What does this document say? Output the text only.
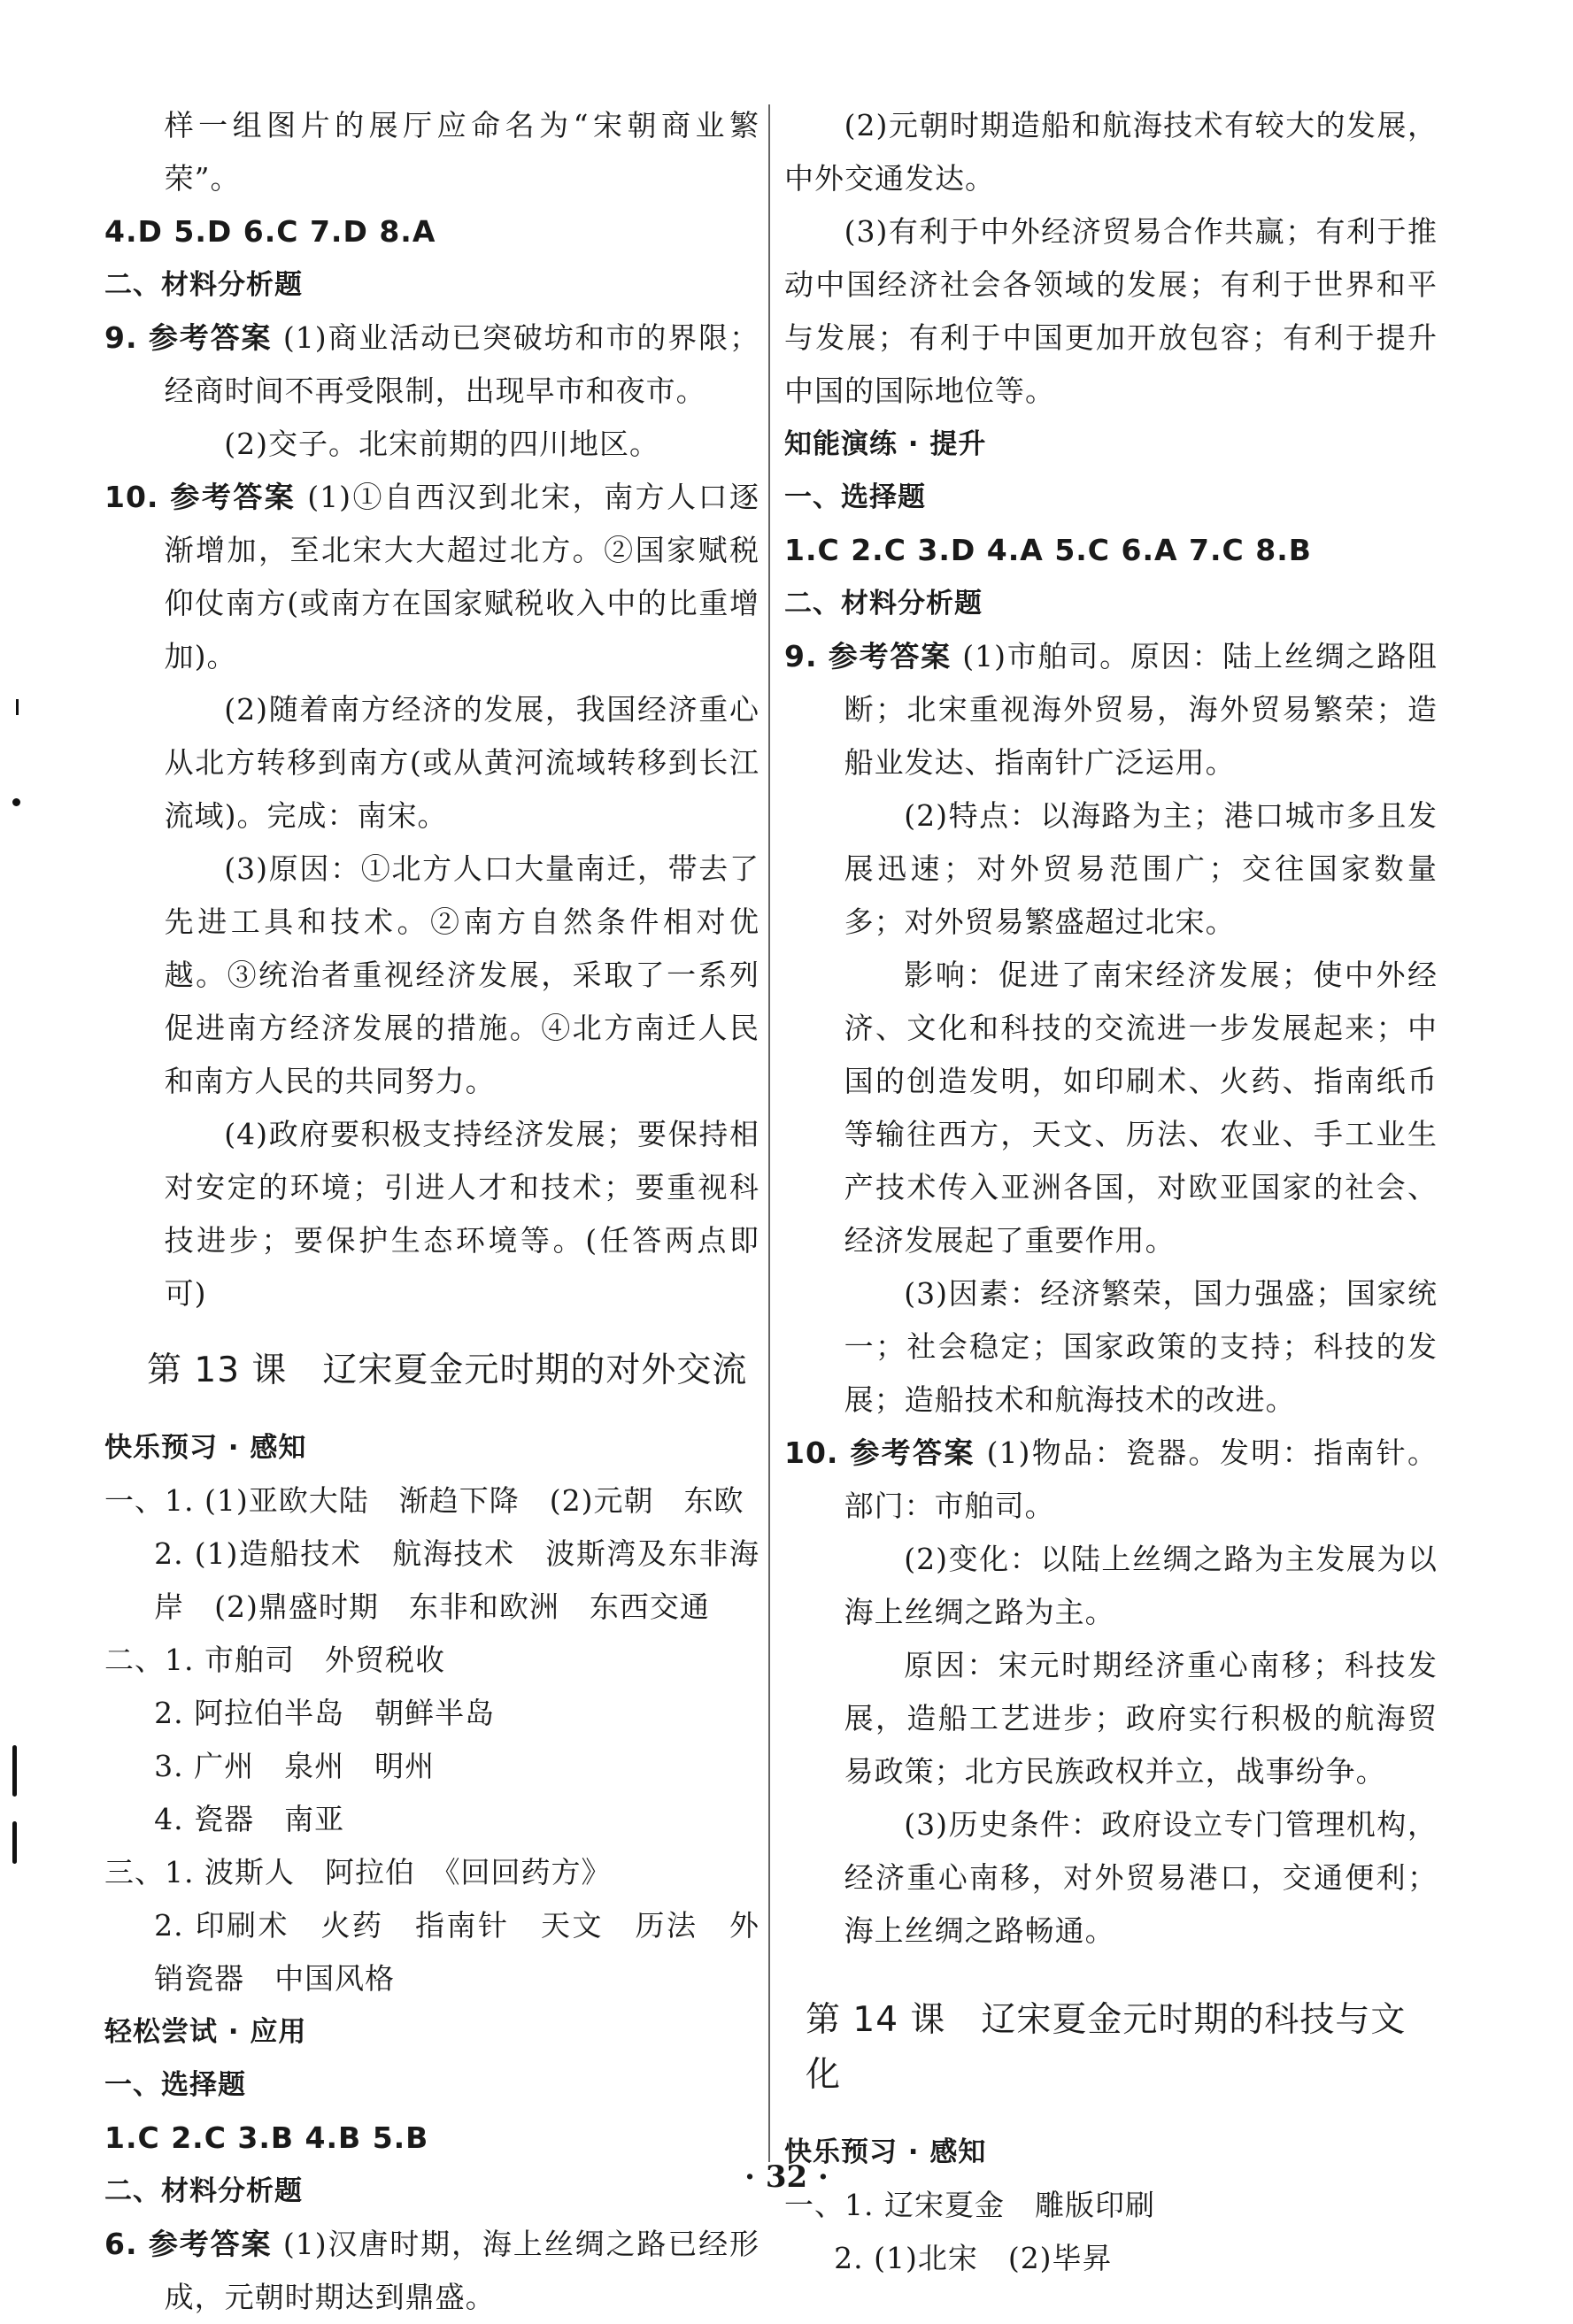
样一组图片的展厅应命名为“宋朝商业繁荣”。

4.D 5.D 6.C 7.D 8.A

二、材料分析题

9. 参考答案 (1)商业活动已突破坊和市的界限；经商时间不再受限制，出现早市和夜市。

(2)交子。北宋前期的四川地区。

10. 参考答案 (1)①自西汉到北宋，南方人口逐渐增加，至北宋大大超过北方。②国家赋税仰仗南方(或南方在国家赋税收入中的比重增加)。

(2)随着南方经济的发展，我国经济重心从北方转移到南方(或从黄河流域转移到长江流域)。完成：南宋。

(3)原因：①北方人口大量南迁，带去了先进工具和技术。②南方自然条件相对优越。③统治者重视经济发展，采取了一系列促进南方经济发展的措施。④北方南迁人民和南方人民的共同努力。

(4)政府要积极支持经济发展；要保持相对安定的环境；引进人才和技术；要重视科技进步；要保护生态环境等。(任答两点即可)

第 13 课　辽宋夏金元时期的对外交流

快乐预习 · 感知

一、1. (1)亚欧大陆　渐趋下降　(2)元朝　东欧

2. (1)造船技术　航海技术　波斯湾及东非海岸　(2)鼎盛时期　东非和欧洲　东西交通

二、1. 市舶司　外贸税收

2. 阿拉伯半岛　朝鲜半岛

3. 广州　泉州　明州

4. 瓷器　南亚

三、1. 波斯人　阿拉伯　《回回药方》

2. 印刷术　火药　指南针　天文　历法　外销瓷器　中国风格

轻松尝试 · 应用

一、选择题

1.C 2.C 3.B 4.B 5.B

二、材料分析题

6. 参考答案 (1)汉唐时期，海上丝绸之路已经形成，元朝时期达到鼎盛。

(2)元朝时期造船和航海技术有较大的发展，中外交通发达。

(3)有利于中外经济贸易合作共赢；有利于推动中国经济社会各领域的发展；有利于世界和平与发展；有利于中国更加开放包容；有利于提升中国的国际地位等。

知能演练 · 提升

一、选择题

1.C 2.C 3.D 4.A 5.C 6.A 7.C 8.B

二、材料分析题

9. 参考答案 (1)市舶司。原因：陆上丝绸之路阻断；北宋重视海外贸易，海外贸易繁荣；造船业发达、指南针广泛运用。

(2)特点：以海路为主；港口城市多且发展迅速；对外贸易范围广；交往国家数量多；对外贸易繁盛超过北宋。

影响：促进了南宋经济发展；使中外经济、文化和科技的交流进一步发展起来；中国的创造发明，如印刷术、火药、指南纸币等输往西方，天文、历法、农业、手工业生产技术传入亚洲各国，对欧亚国家的社会、经济发展起了重要作用。

(3)因素：经济繁荣，国力强盛；国家统一；社会稳定；国家政策的支持；科技的发展；造船技术和航海技术的改进。

10. 参考答案 (1)物品：瓷器。发明：指南针。部门：市舶司。

(2)变化：以陆上丝绸之路为主发展为以海上丝绸之路为主。

原因：宋元时期经济重心南移；科技发展，造船工艺进步；政府实行积极的航海贸易政策；北方民族政权并立，战事纷争。

(3)历史条件：政府设立专门管理机构，经济重心南移，对外贸易港口，交通便利；海上丝绸之路畅通。

第 14 课　辽宋夏金元时期的科技与文化

快乐预习 · 感知

一、1. 辽宋夏金　雕版印刷

2. (1)北宋　(2)毕昇

· 32 ·
